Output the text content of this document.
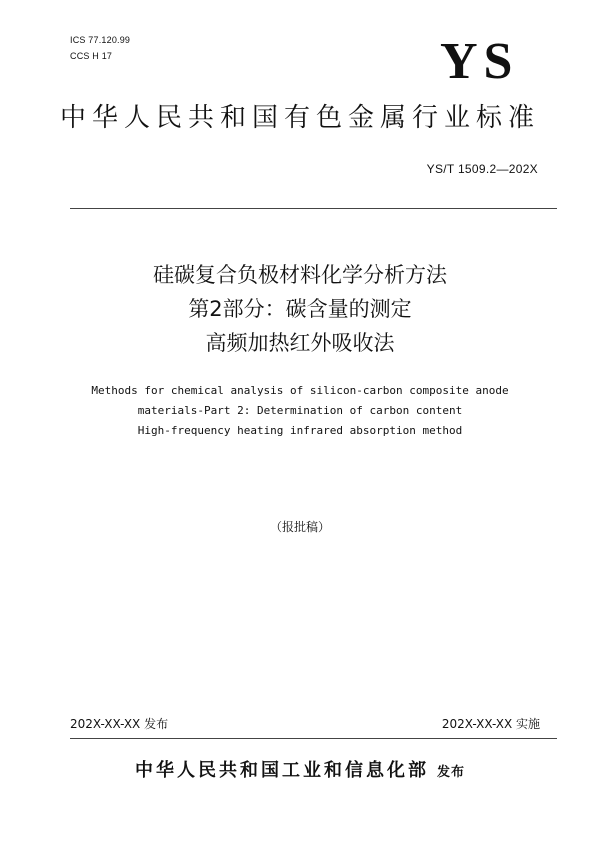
ICS 77.120.99
CCS H 17	YS
中华人民共和国有色金属行业标准
YS/T 1509.2—202X
硅碳复合负极材料化学分析方法
第2部分：碳含量的测定
高频加热红外吸收法
Methods for chemical analysis of silicon-carbon composite anode
materials-Part 2: Determination of carbon content
High-frequency heating infrared absorption method
（报批稿）
202X-XX-XX 发布	202X-XX-XX 实施
中华人民共和国工业和信息化部 发布
